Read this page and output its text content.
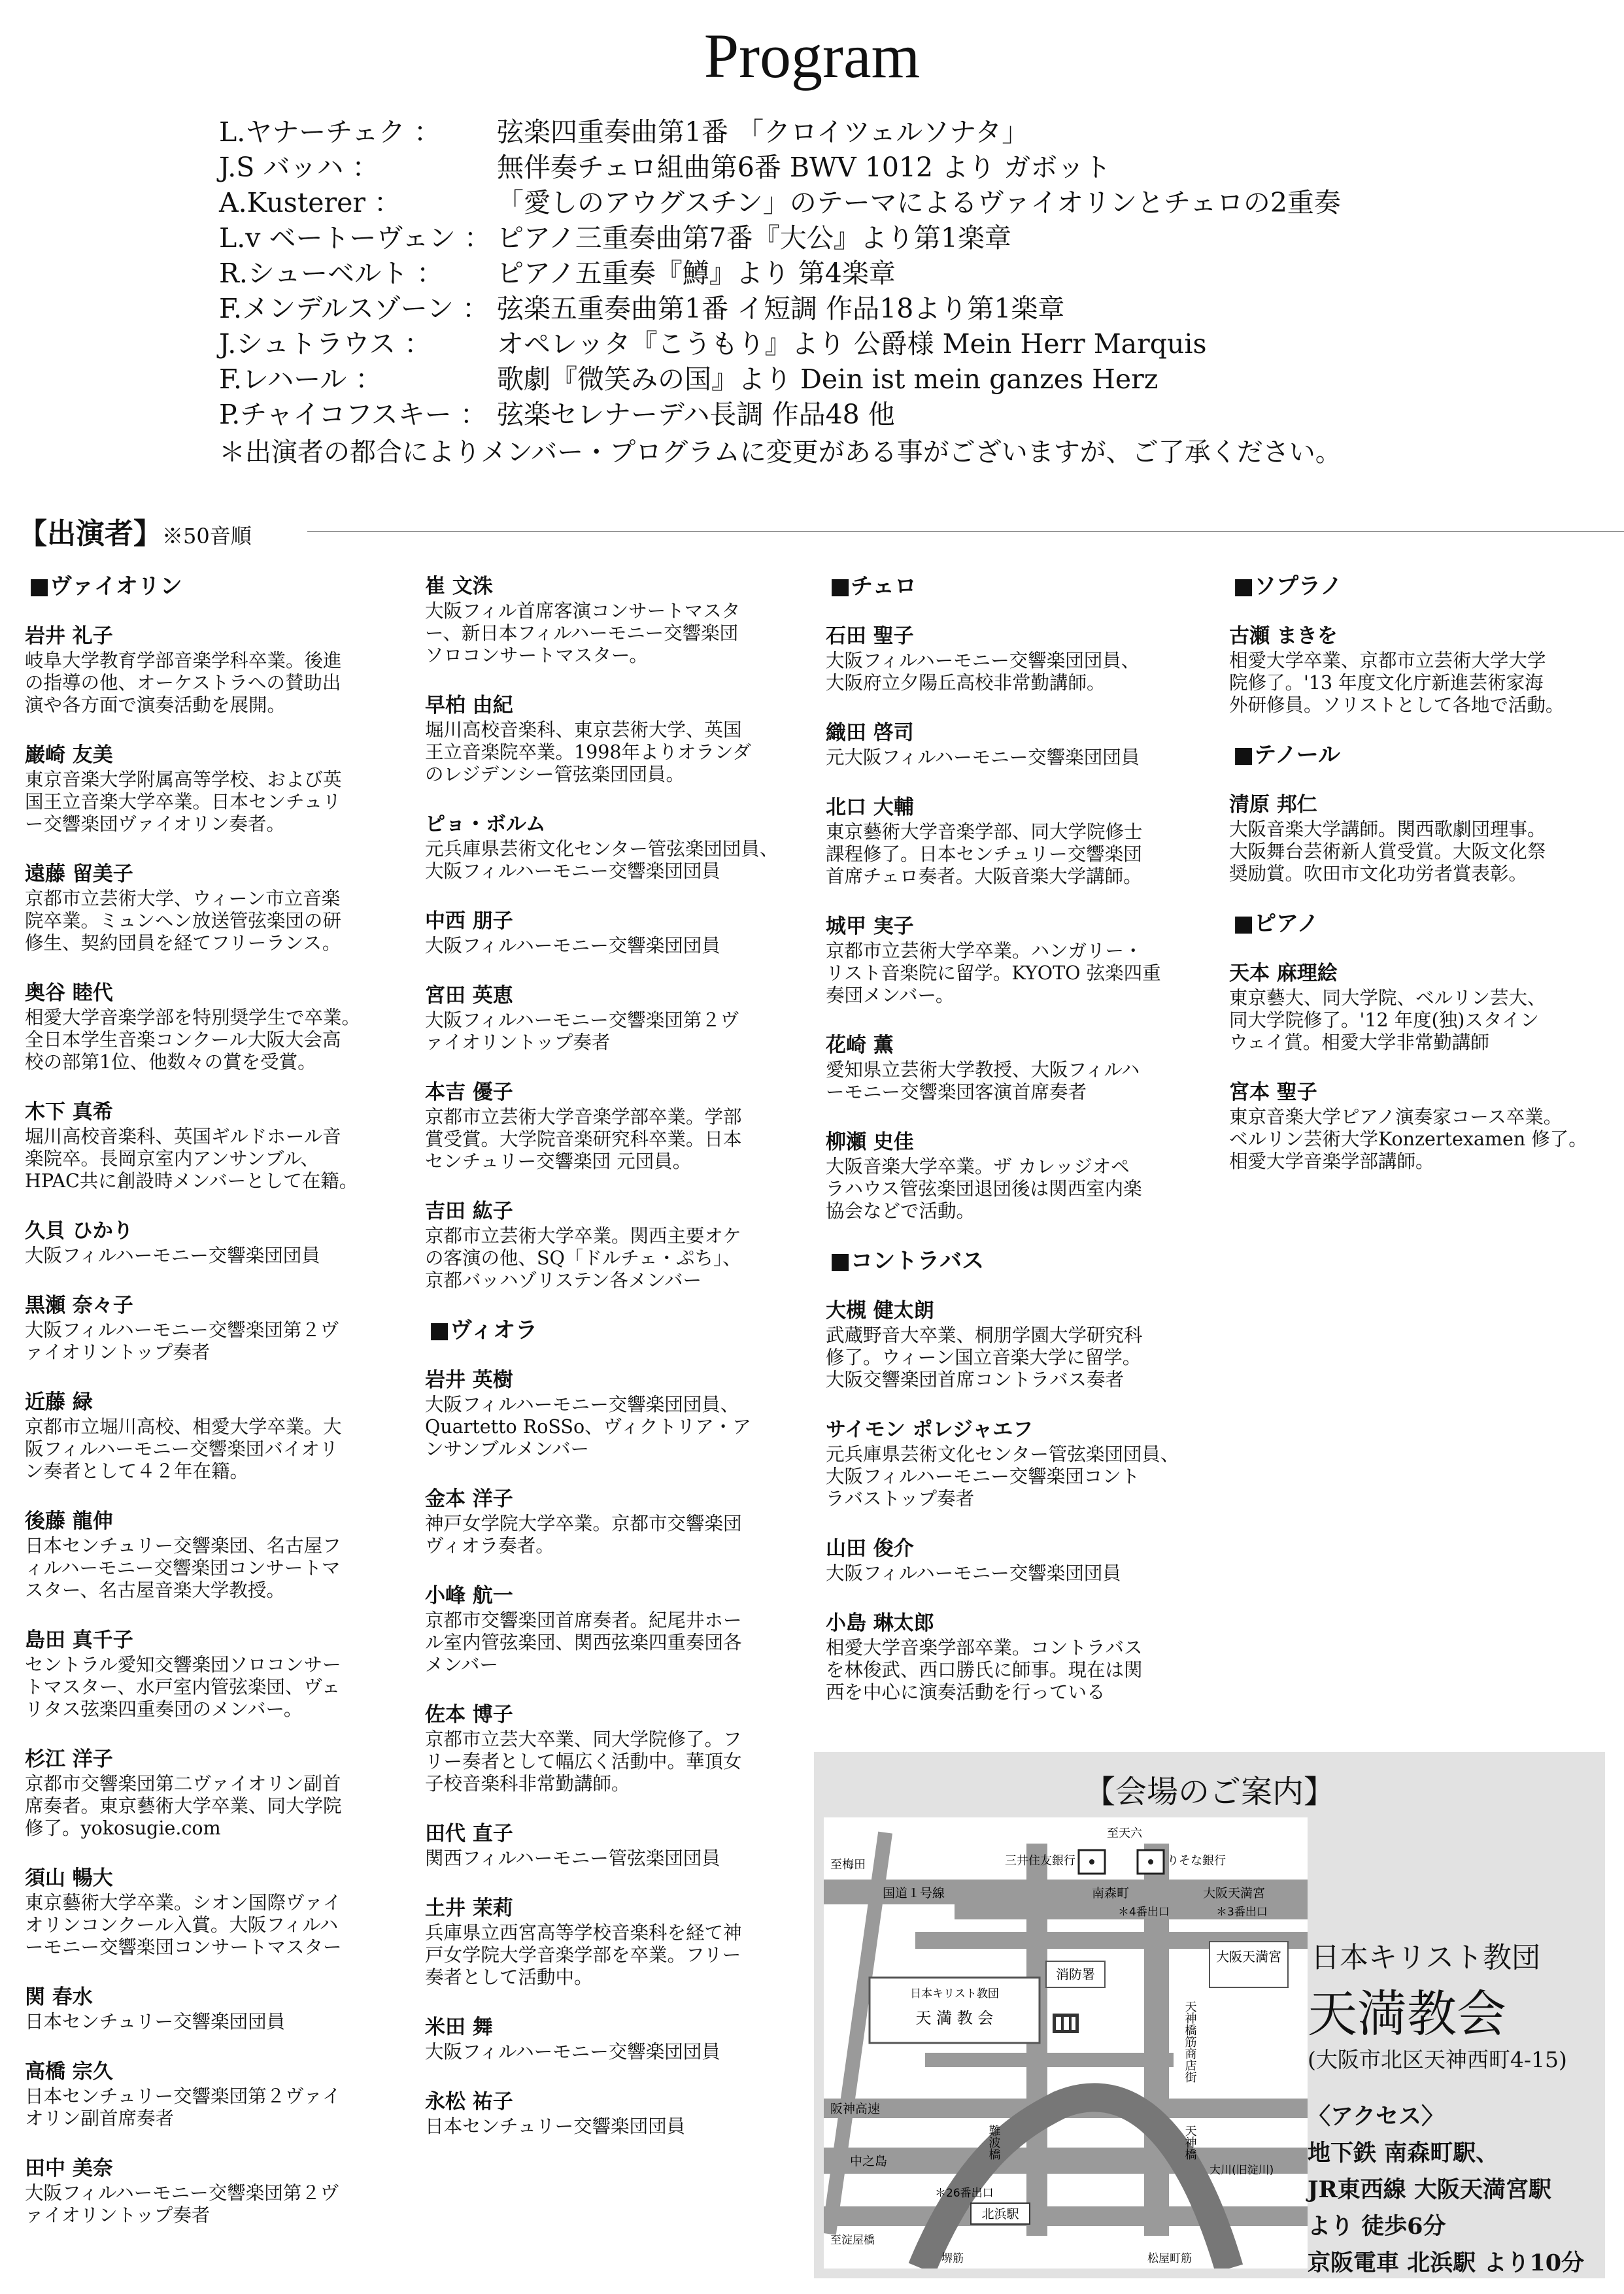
Program
L.ヤナーチェク ：	弦楽四重奏曲第1番 「クロイツェルソナタ」
J.S バッハ ：	無伴奏チェロ組曲第6番 BWV 1012 より ガボット
A.Kusterer ：	「愛しのアウグスチン」のテーマによるヴァイオリンとチェロの2重奏
L.v ベートーヴェン ： ピアノ三重奏曲第7番『大公』より第1楽章
R.シューベルト ：	ピアノ五重奏『鱒』より 第4楽章
F.メンデルスゾーン ： 弦楽五重奏曲第1番 イ短調 作品18より第1楽章
J.シュトラウス ：	オペレッタ『こうもり』より 公爵様 Mein Herr Marquis
F.レハール ：	歌劇『微笑みの国』より Dein ist mein ganzes Herz
P.チャイコフスキー ： 弦楽セレナーデハ長調 作品48 他
＊出演者の都合によりメンバー・プログラムに変更がある事がございますが、ご了承ください。
【出演者】※50音順
■ヴァイオリン
岩井 礼子
岐阜大学教育学部音楽学科卒業。後進
の指導の他、オーケストラへの賛助出
演や各方面で演奏活動を展開。
巌崎 友美
東京音楽大学附属高等学校、および英
国王立音楽大学卒業。日本センチュリ
ー交響楽団ヴァイオリン奏者。
遠藤 留美子
京都市立芸術大学、ウィーン市立音楽
院卒業。ミュンヘン放送管弦楽団の研
修生、契約団員を経てフリーランス。
奥谷 睦代
相愛大学音楽学部を特別奨学生で卒業。
全日本学生音楽コンクール大阪大会高
校の部第1位、他数々の賞を受賞。
木下 真希
堀川高校音楽科、英国ギルドホール音
楽院卒。長岡京室内アンサンブル、
HPAC共に創設時メンバーとして在籍。
久貝 ひかり
大阪フィルハーモニー交響楽団団員
黒瀬 奈々子
大阪フィルハーモニー交響楽団第２ヴ
ァイオリントップ奏者
近藤 緑
京都市立堀川高校、相愛大学卒業。大
阪フィルハーモニー交響楽団バイオリ
ン奏者として４２年在籍。
後藤 龍伸
日本センチュリー交響楽団、名古屋フ
ィルハーモニー交響楽団コンサートマ
スター、名古屋音楽大学教授。
島田 真千子
セントラル愛知交響楽団ソロコンサー
トマスター、水戸室内管弦楽団、ヴェ
リタス弦楽四重奏団のメンバー。
杉江 洋子
京都市交響楽団第二ヴァイオリン副首
席奏者。東京藝術大学卒業、同大学院
修了。yokosugie.com
須山 暢大
東京藝術大学卒業。シオン国際ヴァイ
オリンコンクール入賞。大阪フィルハ
ーモニー交響楽団コンサートマスター
関 春水
日本センチュリー交響楽団団員
高橋 宗久
日本センチュリー交響楽団第２ヴァイ
オリン副首席奏者
田中 美奈
大阪フィルハーモニー交響楽団第２ヴ
ァイオリントップ奏者
崔 文洙
大阪フィル首席客演コンサートマスタ
ー、新日本フィルハーモニー交響楽団
ソロコンサートマスター。
早柏 由紀
堀川高校音楽科、東京芸術大学、英国
王立音楽院卒業。1998年よりオランダ
のレジデンシー管弦楽団団員。
ピョ・ボルム
元兵庫県芸術文化センター管弦楽団団員、
大阪フィルハーモニー交響楽団団員
中西 朋子
大阪フィルハーモニー交響楽団団員
宮田 英恵
大阪フィルハーモニー交響楽団第２ヴ
ァイオリントップ奏者
本吉 優子
京都市立芸術大学音楽学部卒業。学部
賞受賞。大学院音楽研究科卒業。日本
センチュリー交響楽団 元団員。
吉田 紘子
京都市立芸術大学卒業。関西主要オケ
の客演の他、SQ「ドルチェ・ぷち」、
京都バッハゾリステン各メンバー
■ヴィオラ
岩井 英樹
大阪フィルハーモニー交響楽団団員、
Quartetto RoSSo、ヴィクトリア・ア
ンサンブルメンバー
金本 洋子
神戸女学院大学卒業。京都市交響楽団
ヴィオラ奏者。
小峰 航一
京都市交響楽団首席奏者。紀尾井ホー
ル室内管弦楽団、関西弦楽四重奏団各
メンバー
佐本 博子
京都市立芸大卒業、同大学院修了。フ
リー奏者として幅広く活動中。華頂女
子校音楽科非常勤講師。
田代 直子
関西フィルハーモニー管弦楽団団員
土井 茉莉
兵庫県立西宮高等学校音楽科を経て神
戸女学院大学音楽学部を卒業。フリー
奏者として活動中。
米田 舞
大阪フィルハーモニー交響楽団団員
永松 祐子
日本センチュリー交響楽団団員
■チェロ
石田 聖子
大阪フィルハーモニー交響楽団団員、
大阪府立夕陽丘高校非常勤講師。
織田 啓司
元大阪フィルハーモニー交響楽団団員
北口 大輔
東京藝術大学音楽学部、同大学院修士
課程修了。日本センチュリー交響楽団
首席チェロ奏者。大阪音楽大学講師。
城甲 実子
京都市立芸術大学卒業。ハンガリー・
リスト音楽院に留学。KYOTO 弦楽四重
奏団メンバー。
花崎 薫
愛知県立芸術大学教授、大阪フィルハ
ーモニー交響楽団客演首席奏者
柳瀬 史佳
大阪音楽大学卒業。ザ カレッジオペ
ラハウス管弦楽団退団後は関西室内楽
協会などで活動。
■コントラバス
大槻 健太朗
武蔵野音大卒業、桐朋学園大学研究科
修了。ウィーン国立音楽大学に留学。
大阪交響楽団首席コントラバス奏者
サイモン ポレジャエフ
元兵庫県芸術文化センター管弦楽団団員、
大阪フィルハーモニー交響楽団コント
ラバストップ奏者
山田 俊介
大阪フィルハーモニー交響楽団団員
小島 琳太郎
相愛大学音楽学部卒業。コントラバス
を林俊武、西口勝氏に師事。現在は関
西を中心に演奏活動を行っている
■ソプラノ
古瀬 まきを
相愛大学卒業、京都市立芸術大学大学
院修了。'13 年度文化庁新進芸術家海
外研修員。ソリストとして各地で活動。
■テノール
清原 邦仁
大阪音楽大学講師。関西歌劇団理事。
大阪舞台芸術新人賞受賞。大阪文化祭
奨励賞。吹田市文化功労者賞表彰。
■ピアノ
天本 麻理絵
東京藝大、同大学院、ベルリン芸大、
同大学院修了。'12 年度(独)スタイン
ウェイ賞。相愛大学非常勤講師
宮本 聖子
東京音楽大学ピアノ演奏家コース卒業。
ベルリン芸術大学Konzertexamen 修了。
相愛大学音楽学部講師。
【会場のご案内】
日本キリスト教団
天 満 教 会
消防署
大阪天満宮
至天六
至梅田	三井住友銀行	りそな銀行
国道１号線	南森町	大阪天満宮
＊4番出口	＊3番出口
天神橋筋商店街
阪神高速
難波橋
中之島
天神橋
大川(旧淀川)
＊26番出口
北浜駅
至淀屋橋
堺筋	松屋町筋
日本キリスト教団
天満教会
(大阪市北区天神西町4-15)
〈アクセス〉
地下鉄 南森町駅、
JR東西線 大阪天満宮駅
より 徒歩6分
京阪電車 北浜駅 より10分
